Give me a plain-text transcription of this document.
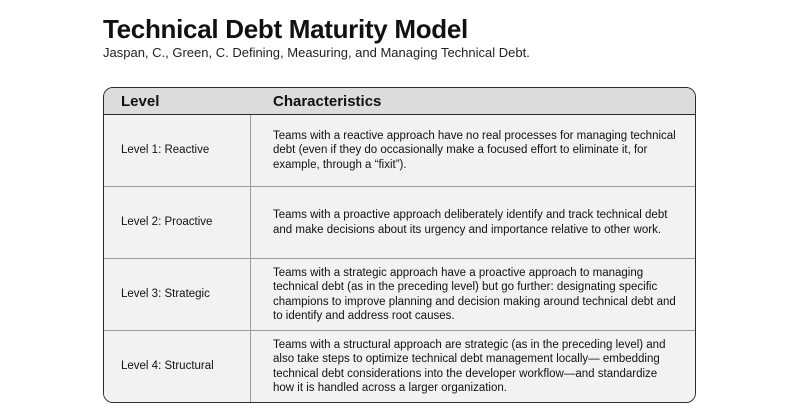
Technical Debt Maturity Model
Jaspan, C., Green, C. Defining, Measuring, and Managing Technical Debt.
Level	Characteristics
Level 1: Reactive
Teams with a reactive approach have no real processes for managing technical debt (even if they do occasionally make a focused effort to eliminate it, for example, through a “fixit”).
Level 2: Proactive
Teams with a proactive approach deliberately identify and track technical debt and make decisions about its urgency and importance relative to other work.
Level 3: Strategic
Teams with a strategic approach have a proactive approach to managing technical debt (as in the preceding level) but go further: designating specific champions to improve planning and decision making around technical debt and to identify and address root causes.
Level 4: Structural
Teams with a structural approach are strategic (as in the preceding level) and also take steps to optimize technical debt management locally— embedding technical debt considerations into the developer workflow—and standardize how it is handled across a larger organization.
